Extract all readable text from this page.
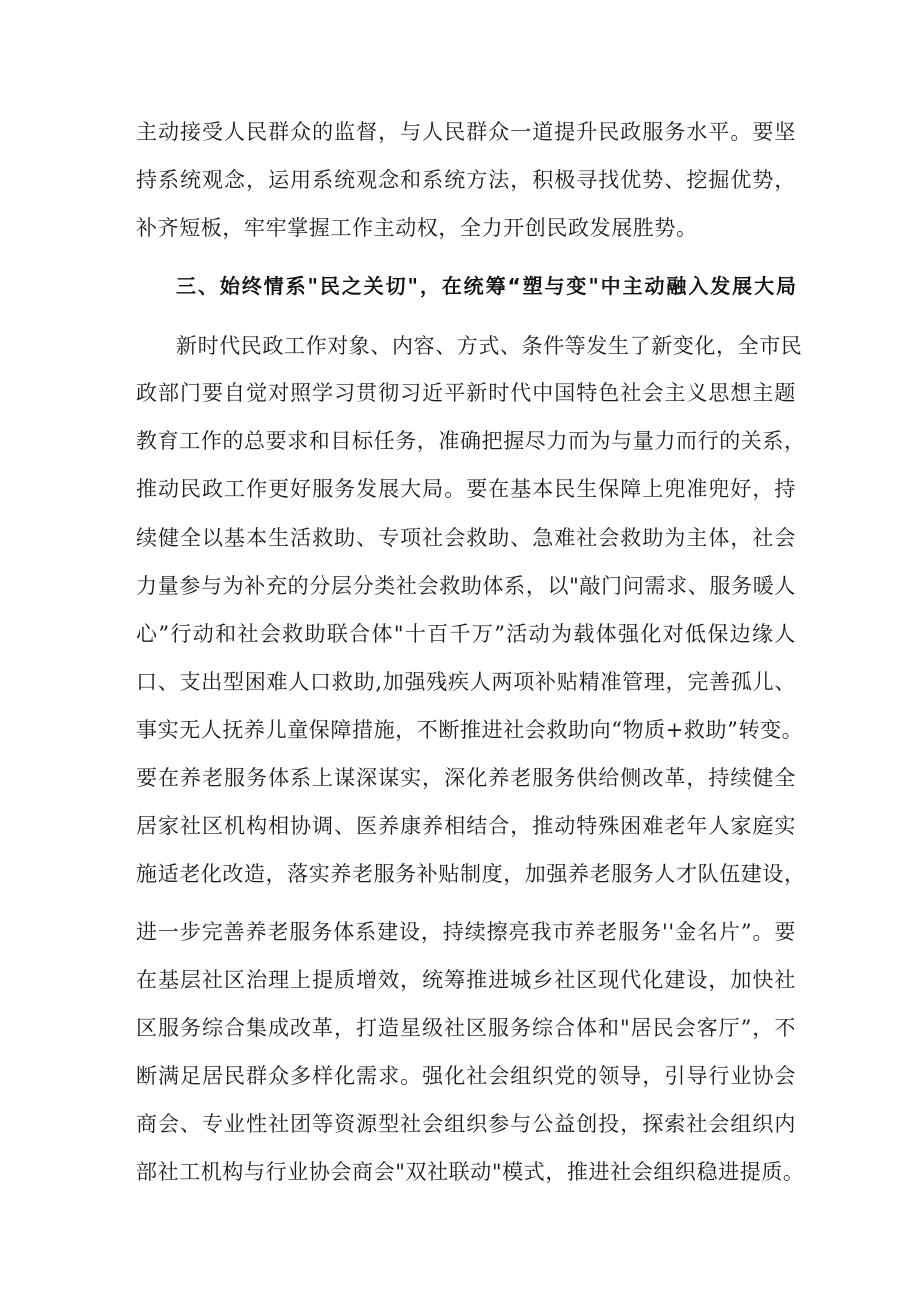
主动接受人民群众的监督，与人民群众一道提升民政服务水平。要坚
持系统观念，运用系统观念和系统方法，积极寻找优势、挖掘优势，
补齐短板，牢牢掌握工作主动权，全力开创民政发展胜势。
三、始终情系"民之关切"，在统筹“塑与变"中主动融入发展大局
新时代民政工作对象、内容、方式、条件等发生了新变化，全市民
政部门要自觉对照学习贯彻习近平新时代中国特色社会主义思想主题
教育工作的总要求和目标任务，准确把握尽力而为与量力而行的关系，
推动民政工作更好服务发展大局。要在基本民生保障上兜准兜好，持
续健全以基本生活救助、专项社会救助、急难社会救助为主体，社会
力量参与为补充的分层分类社会救助体系，以"敲门问需求、服务暖人
心”行动和社会救助联合体"十百千万”活动为载体强化对低保边缘人
口、支出型困难人口救助,加强残疾人两项补贴精准管理，完善孤儿、
事实无人抚养儿童保障措施，不断推进社会救助向“物质+救助”转变。
要在养老服务体系上谋深谋实，深化养老服务供给侧改革，持续健全
居家社区机构相协调、医养康养相结合，推动特殊困难老年人家庭实
施适老化改造，落实养老服务补贴制度，加强养老服务人才队伍建设，
进一步完善养老服务体系建设，持续擦亮我市养老服务''金名片”。要
在基层社区治理上提质增效，统筹推进城乡社区现代化建设，加快社
区服务综合集成改革，打造星级社区服务综合体和"居民会客厅”，不
断满足居民群众多样化需求。强化社会组织党的领导，引导行业协会
商会、专业性社团等资源型社会组织参与公益创投，探索社会组织内
部社工机构与行业协会商会"双社联动"模式，推进社会组织稳进提质。
